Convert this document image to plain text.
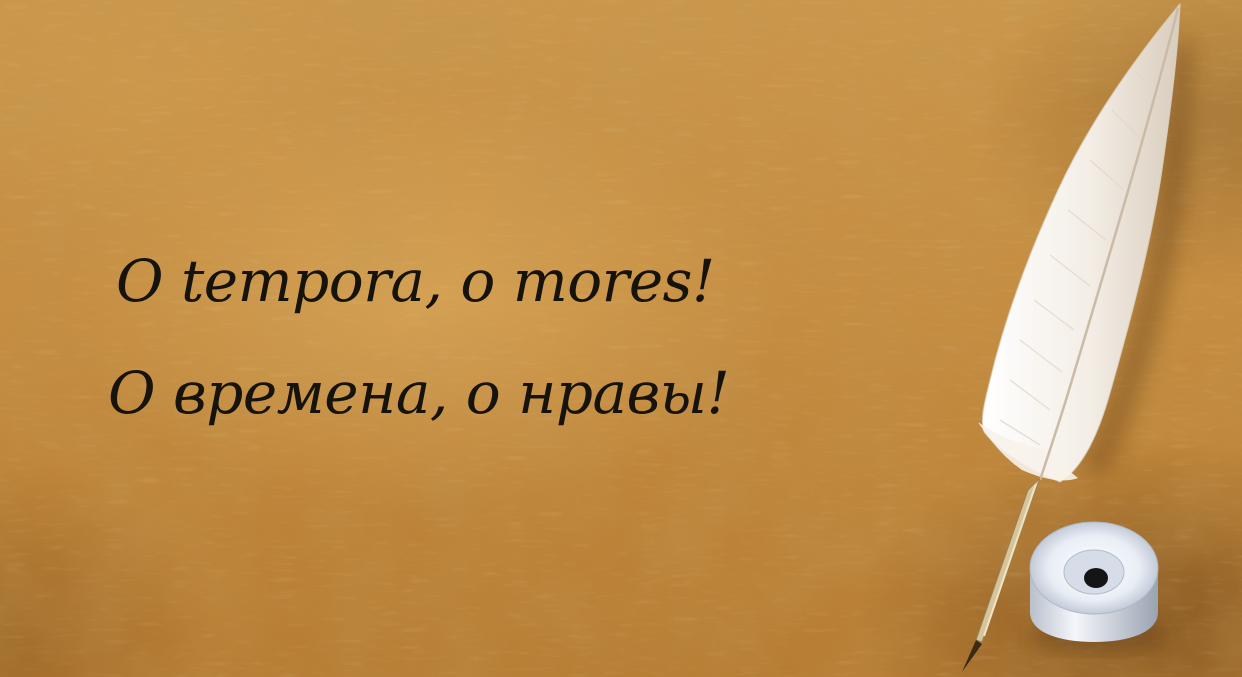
O tempora, o mores!
О времена, о нравы!
